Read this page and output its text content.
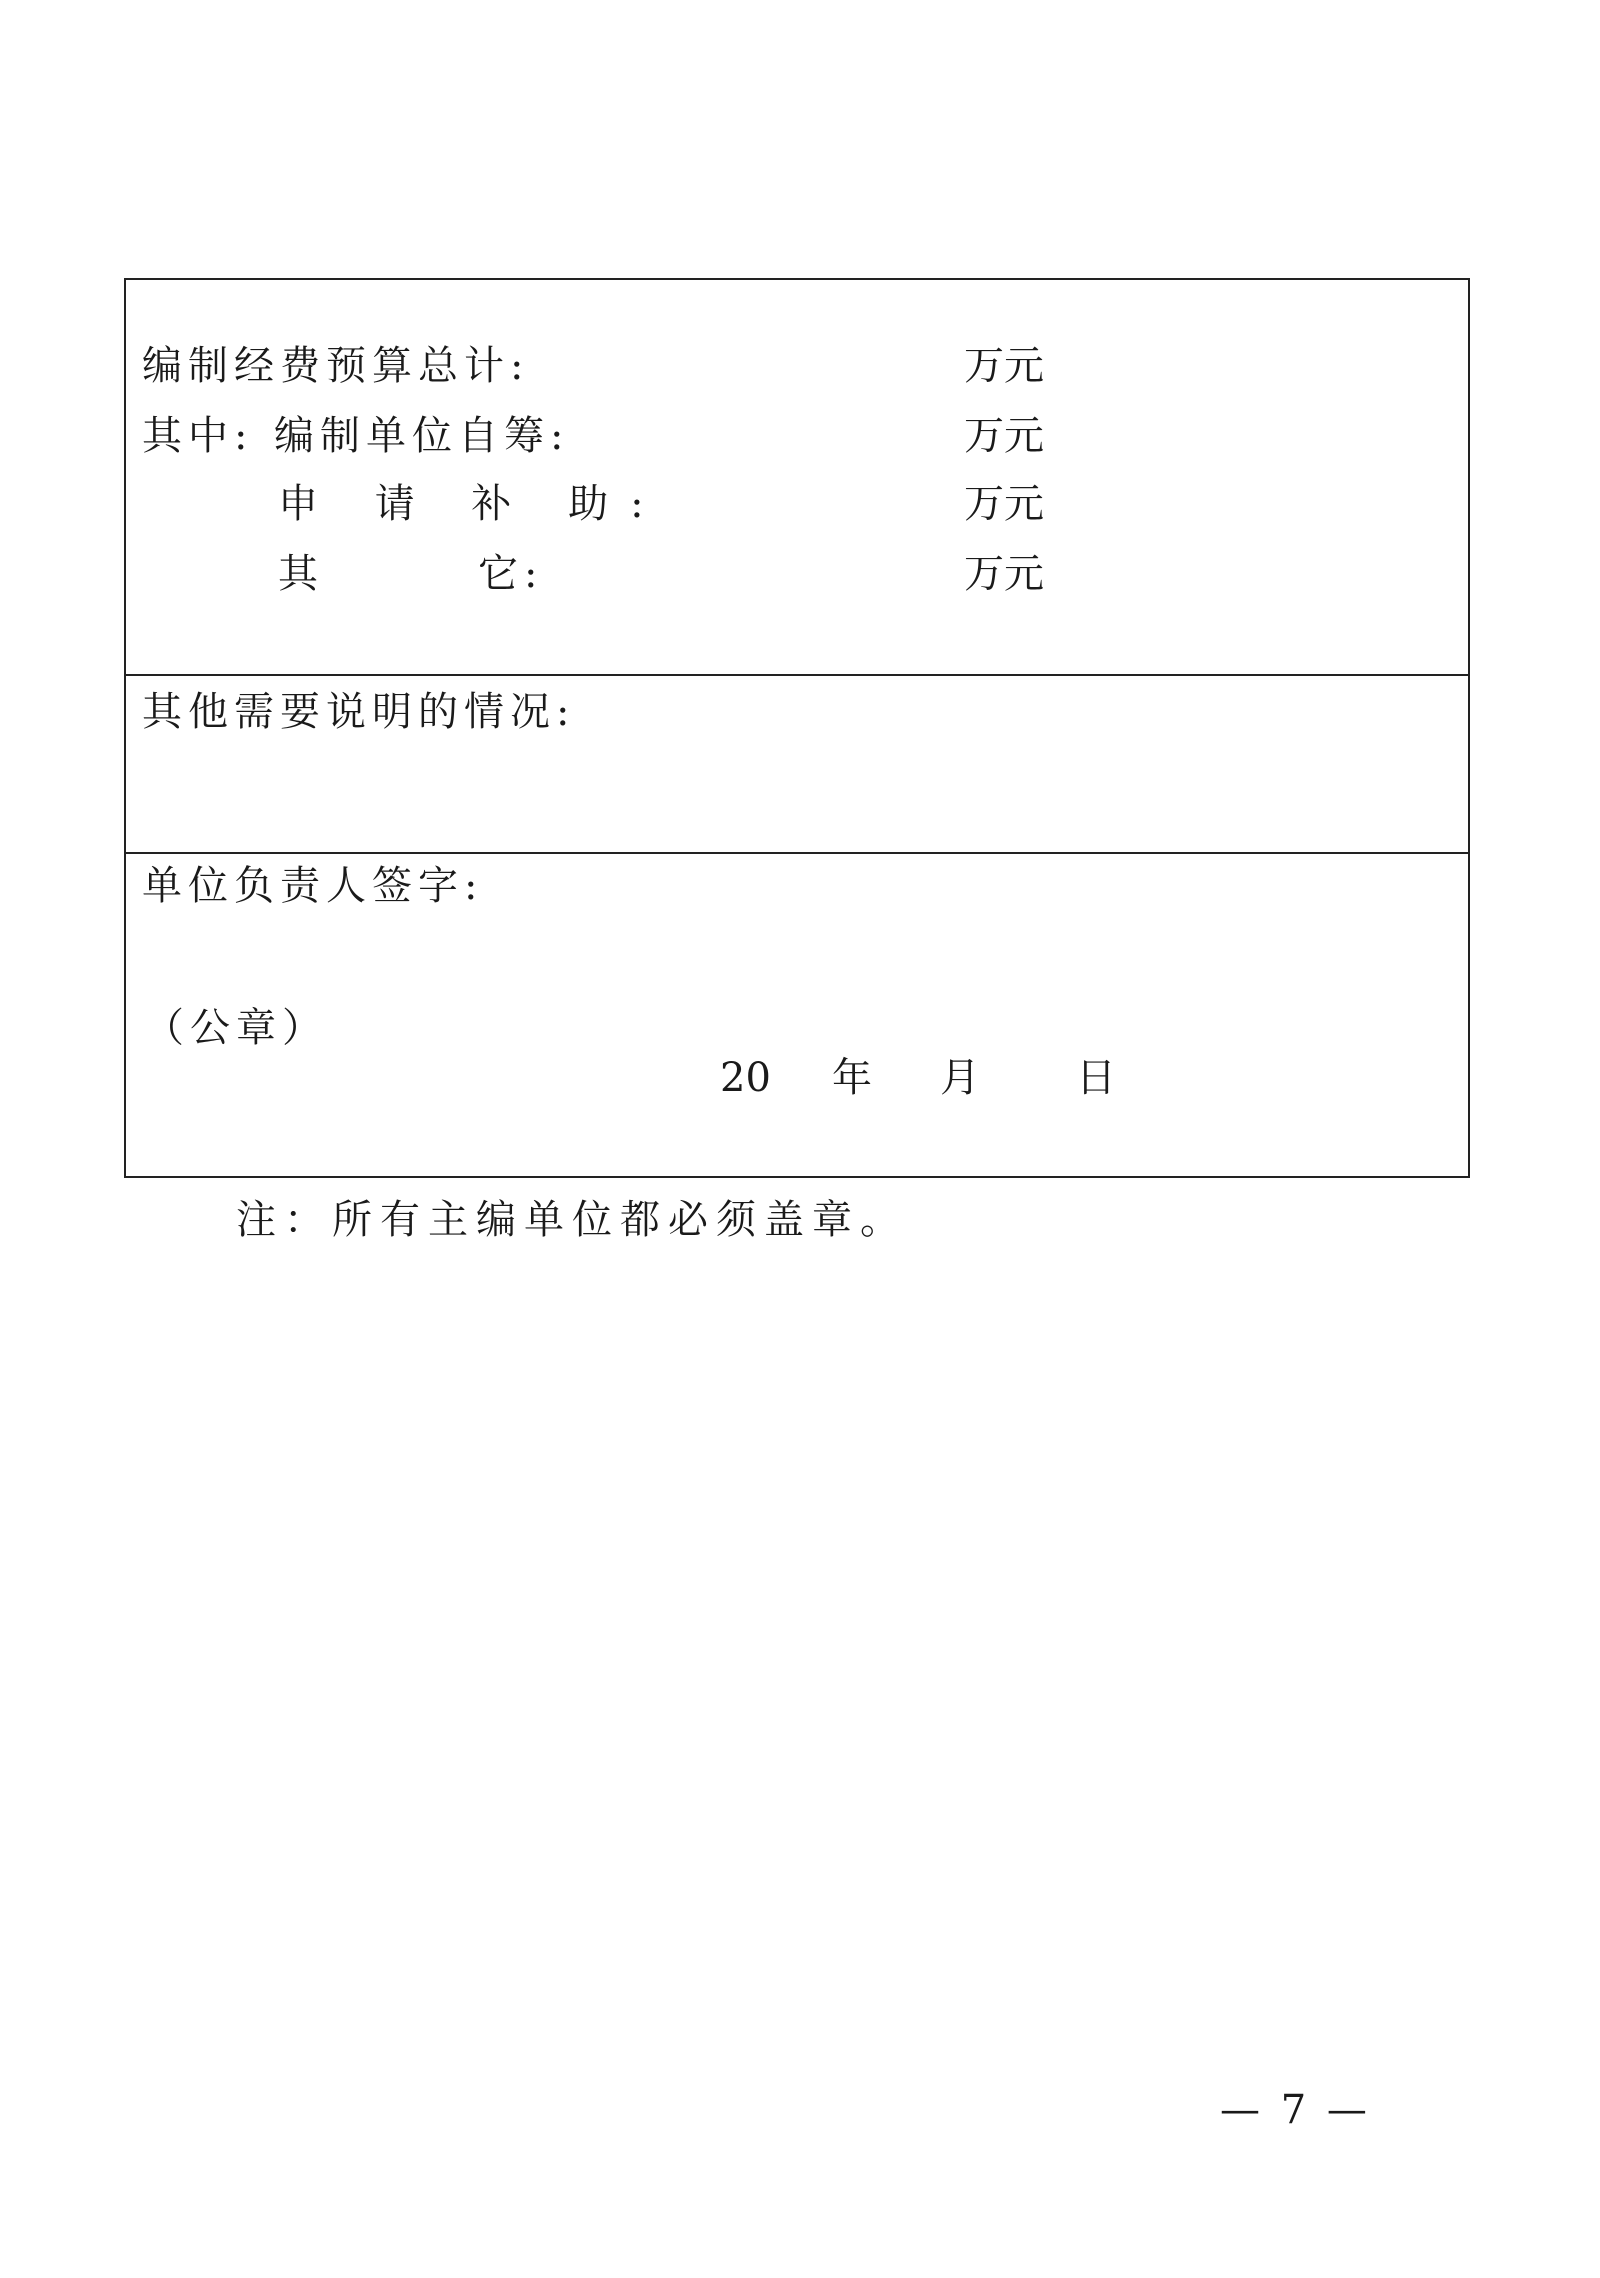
编制经费预算总计:	万元
其中: 编制单位自筹:	万元
申 请 补 助:	万元
其	它:	万元
其他需要说明的情况:
单位负责人签字:
（公章）
20 年 月 日
注：所有主编单位都必须盖章。
— 7 —
